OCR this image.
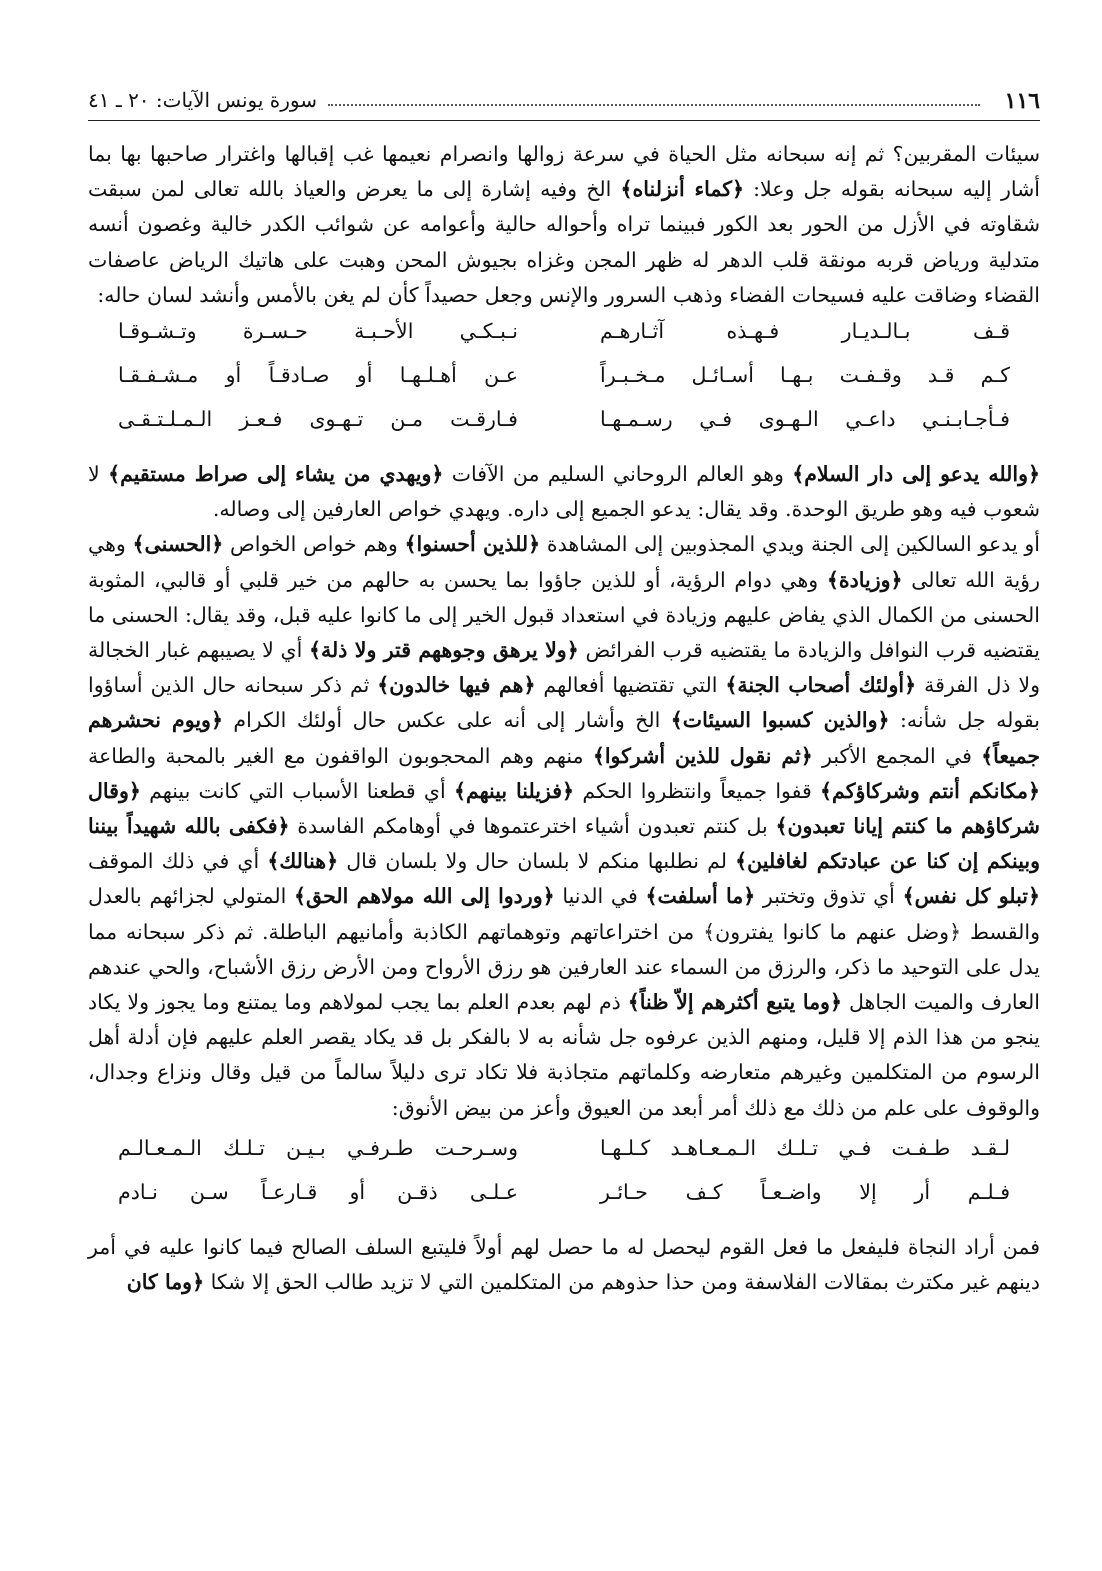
١١٦
سورة يونس الآيات: ٢٠ ـ ٤١

سيئات المقربين؟ ثم إنه سبحانه مثل الحياة في سرعة زوالها وانصرام نعيمها غب إقبالها واغترار صاحبها بها بما أشار إليه سبحانه بقوله جل وعلا: ﴿كماء أنزلناه﴾ الخ وفيه إشارة إلى ما يعرض والعياذ بالله تعالى لمن سبقت شقاوته في الأزل من الحور بعد الكور فبينما تراه وأحواله حالية وأعوامه عن شوائب الكدر خالية وغصون أنسه متدلية ورياض قربه مونقة قلب الدهر له ظهر المجن وغزاه بجيوش المحن وهبت على هاتيك الرياض عاصفات القضاء وضاقت عليه فسيحات الفضاء وذهب السرور والإنس وجعل حصيداً كأن لم يغن بالأمس وأنشد لسان حاله:

قـف بـالـديـار فـهـذه آثـارهـم
نـبـكـي الأحـبـة حـسـرة وتـشـوقـا
كـم قـد وقـفـت بـهـا أسـائـل مـخـبـراً
عـن أهـلـهـا أو صـادقـاً أو مـشـفـقـا
فـأجـابـنـي داعـي الـهـوى فـي رسـمـهـا
فـارقـت مـن تـهـوى فـعـز الـمـلـتـقـى

﴿والله يدعو إلى دار السلام﴾ وهو العالم الروحاني السليم من الآفات ﴿ويهدي من يشاء إلى صراط مستقيم﴾ لا شعوب فيه وهو طريق الوحدة. وقد يقال: يدعو الجميع إلى داره. ويهدي خواص العارفين إلى وصاله.

أو يدعو السالكين إلى الجنة ويدي المجذوبين إلى المشاهدة ﴿للذين أحسنوا﴾ وهم خواص الخواص ﴿الحسنى﴾ وهي رؤية الله تعالى ﴿وزيادة﴾ وهي دوام الرؤية، أو للذين جاؤوا بما يحسن به حالهم من خير قلبي أو قالبي، المثوبة الحسنى من الكمال الذي يفاض عليهم وزيادة في استعداد قبول الخير إلى ما كانوا عليه قبل، وقد يقال: الحسنى ما يقتضيه قرب النوافل والزيادة ما يقتضيه قرب الفرائض ﴿ولا يرهق وجوههم قتر ولا ذلة﴾ أي لا يصيبهم غبار الخجالة ولا ذل الفرقة ﴿أولئك أصحاب الجنة﴾ التي تقتضيها أفعالهم ﴿هم فيها خالدون﴾ ثم ذكر سبحانه حال الذين أساؤوا بقوله جل شأنه: ﴿والذين كسبوا السيئات﴾ الخ وأشار إلى أنه على عكس حال أولئك الكرام ﴿ويوم نحشرهم جميعاً﴾ في المجمع الأكبر ﴿ثم نقول للذين أشركوا﴾ منهم وهم المحجوبون الواقفون مع الغير بالمحبة والطاعة ﴿مكانكم أنتم وشركاؤكم﴾ قفوا جميعاً وانتظروا الحكم ﴿فزيلنا بينهم﴾ أي قطعنا الأسباب التي كانت بينهم ﴿وقال شركاؤهم ما كنتم إيانا تعبدون﴾ بل كنتم تعبدون أشياء اخترعتموها في أوهامكم الفاسدة ﴿فكفى بالله شهيداً بيننا وبينكم إن كنا عن عبادتكم لغافلين﴾ لم نطلبها منكم لا بلسان حال ولا بلسان قال ﴿هنالك﴾ أي في ذلك الموقف ﴿تبلو كل نفس﴾ أي تذوق وتختبر ﴿ما أسلفت﴾ في الدنيا ﴿وردوا إلى الله مولاهم الحق﴾ المتولي لجزائهم بالعدل والقسط ﴿وضل عنهم ما كانوا يفترون﴾ من اختراعاتهم وتوهماتهم الكاذبة وأمانيهم الباطلة. ثم ذكر سبحانه مما يدل على التوحيد ما ذكر، والرزق من السماء عند العارفين هو رزق الأرواح ومن الأرض رزق الأشباح، والحي عندهم العارف والميت الجاهل ﴿وما يتبع أكثرهم إلاّ ظناً﴾ ذم لهم بعدم العلم بما يجب لمولاهم وما يمتنع وما يجوز ولا يكاد ينجو من هذا الذم إلا قليل، ومنهم الذين عرفوه جل شأنه به لا بالفكر بل قد يكاد يقصر العلم عليهم فإن أدلة أهل الرسوم من المتكلمين وغيرهم متعارضه وكلماتهم متجاذبة فلا تكاد ترى دليلاً سالماً من قيل وقال ونزاع وجدال، والوقوف على علم من ذلك مع ذلك أمر أبعد من العيوق وأعز من بيض الأنوق:

لـقـد طـفـت فـي تـلـك الـمـعـاهـد كـلـهـا
وسـرحـت طـرفـي بـيـن تـلـك الـمـعـالـم
فـلـم أر إلا واضـعـاً كـف حـائـر
عـلـى ذقـن أو قـارعـاً سـن نـادم

فمن أراد النجاة فليفعل ما فعل القوم ليحصل له ما حصل لهم أولاً فليتبع السلف الصالح فيما كانوا عليه في أمر دينهم غير مكترث بمقالات الفلاسفة ومن حذا حذوهم من المتكلمين التي لا تزيد طالب الحق إلا شكا ﴿وما كان
